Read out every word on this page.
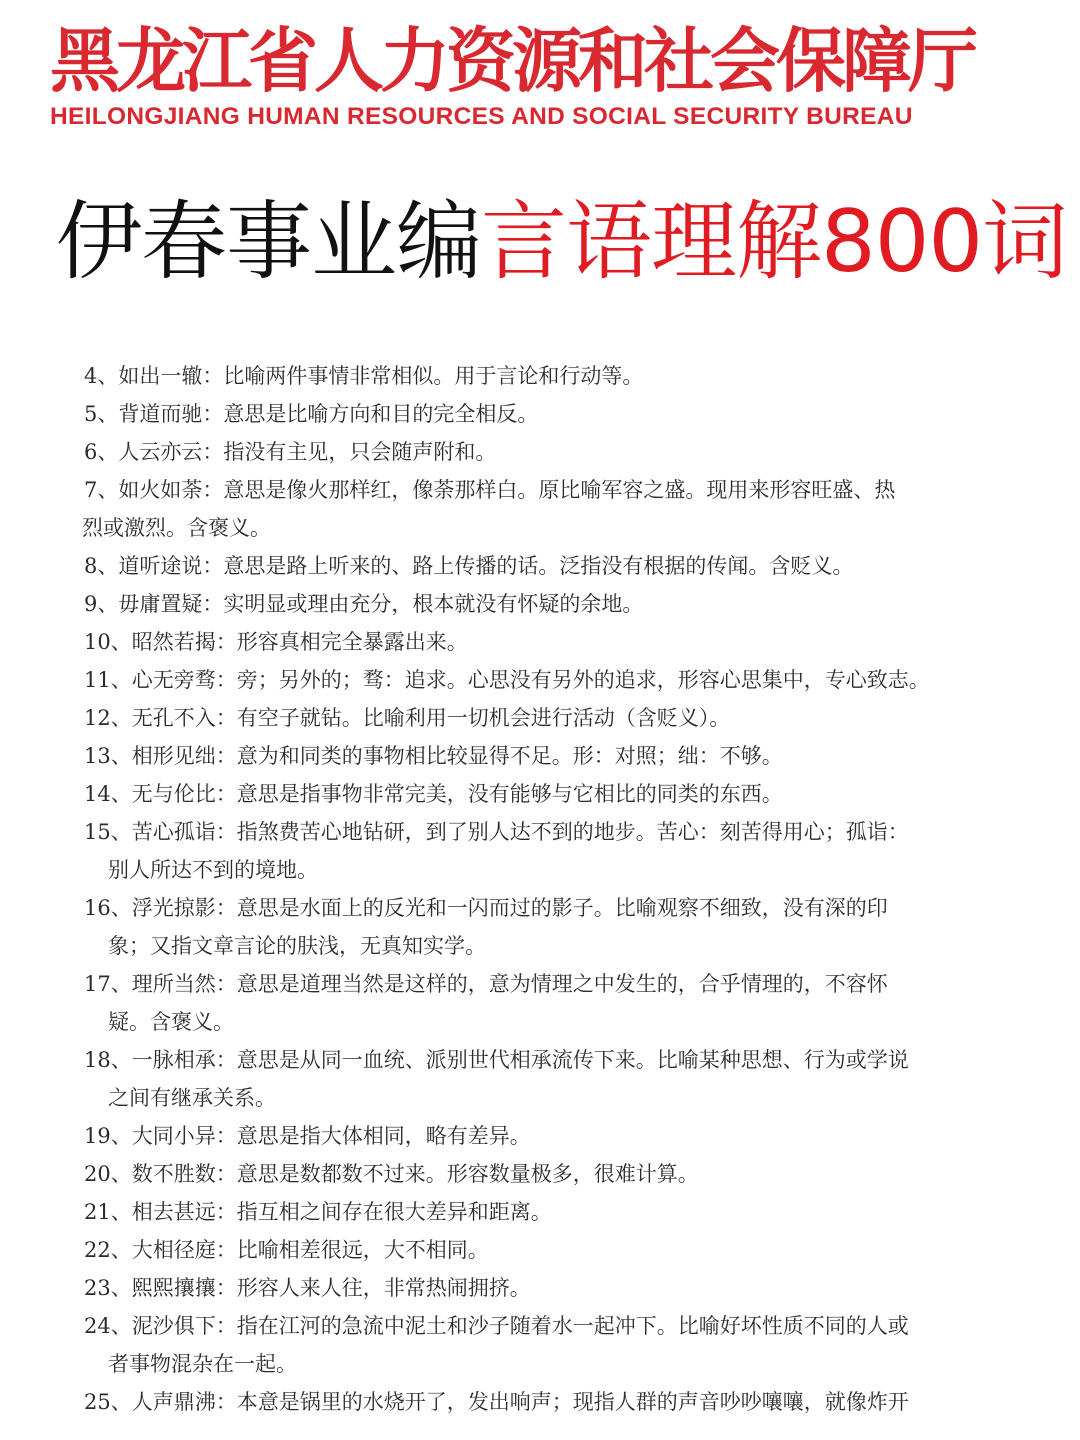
黑龙江省人力资源和社会保障厅
HEILONGJIANG HUMAN RESOURCES AND SOCIAL SECURITY BUREAU
伊春事业编言语理解800词
4、如出一辙：比喻两件事情非常相似。用于言论和行动等。
5、背道而驰：意思是比喻方向和目的完全相反。
6、人云亦云：指没有主见，只会随声附和。
7、如火如荼：意思是像火那样红，像荼那样白。原比喻军容之盛。现用来形容旺盛、热
烈或激烈。含褒义。
8、道听途说：意思是路上听来的、路上传播的话。泛指没有根据的传闻。含贬义。
9、毋庸置疑：实明显或理由充分，根本就没有怀疑的余地。
10、昭然若揭：形容真相完全暴露出来。
11、心无旁骛：旁；另外的；骛：追求。心思没有另外的追求，形容心思集中，专心致志。
12、无孔不入：有空子就钻。比喻利用一切机会进行活动（含贬义）。
13、相形见绌：意为和同类的事物相比较显得不足。形：对照；绌：不够。
14、无与伦比：意思是指事物非常完美，没有能够与它相比的同类的东西。
15、苦心孤诣：指煞费苦心地钻研，到了别人达不到的地步。苦心：刻苦得用心；孤诣：
别人所达不到的境地。
16、浮光掠影：意思是水面上的反光和一闪而过的影子。比喻观察不细致，没有深的印
象；又指文章言论的肤浅，无真知实学。
17、理所当然：意思是道理当然是这样的，意为情理之中发生的，合乎情理的，不容怀
疑。含褒义。
18、一脉相承：意思是从同一血统、派别世代相承流传下来。比喻某种思想、行为或学说
之间有继承关系。
19、大同小异：意思是指大体相同，略有差异。
20、数不胜数：意思是数都数不过来。形容数量极多，很难计算。
21、相去甚远：指互相之间存在很大差异和距离。
22、大相径庭：比喻相差很远，大不相同。
23、熙熙攘攘：形容人来人往，非常热闹拥挤。
24、泥沙俱下：指在江河的急流中泥土和沙子随着水一起冲下。比喻好坏性质不同的人或
者事物混杂在一起。
25、人声鼎沸：本意是锅里的水烧开了，发出响声；现指人群的声音吵吵嚷嚷，就像炸开
